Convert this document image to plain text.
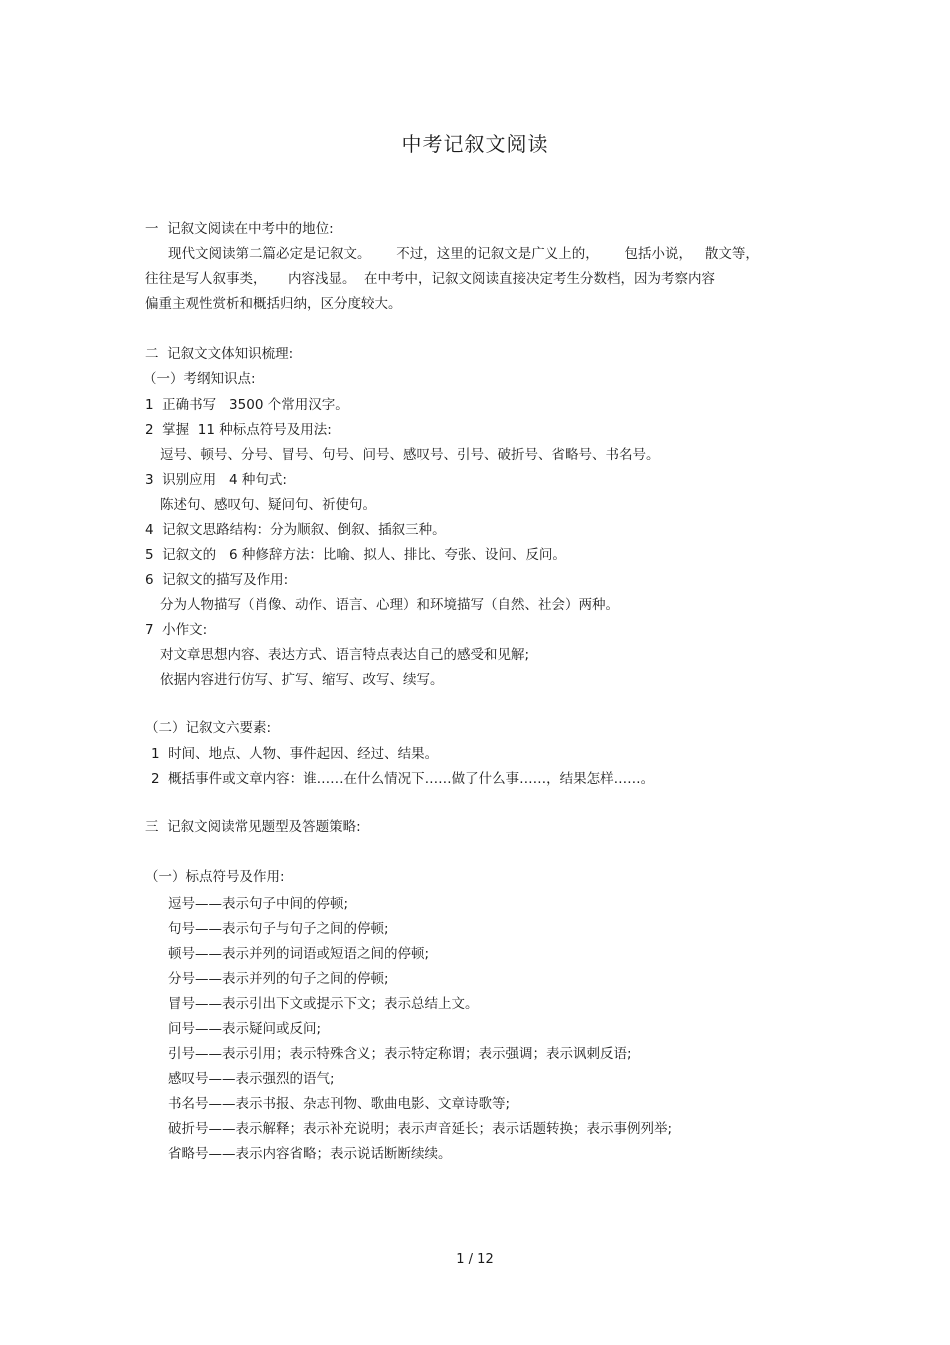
中考记叙文阅读
一  记叙文阅读在中考中的地位:
现代文阅读第二篇必定是记叙文。      不过，这里的记叙文是广义上的，      包括小说，   散文等，
往往是写人叙事类，     内容浅显。  在中考中，记叙文阅读直接决定考生分数档，因为考察内容
偏重主观性赏析和概括归纳，区分度较大。
二  记叙文文体知识梳理:
（一）考纲知识点:
1  正确书写   3500 个常用汉字。
2  掌握  11 种标点符号及用法:
逗号、顿号、分号、冒号、句号、问号、感叹号、引号、破折号、省略号、书名号。
3  识别应用   4 种句式:
陈述句、感叹句、疑问句、祈使句。
4  记叙文思路结构：分为顺叙、倒叙、插叙三种。
5  记叙文的   6 种修辞方法：比喻、拟人、排比、夸张、设问、反问。
6  记叙文的描写及作用:
分为人物描写（肖像、动作、语言、心理）和环境描写（自然、社会）两种。
7  小作文:
对文章思想内容、表达方式、语言特点表达自己的感受和见解;
依据内容进行仿写、扩写、缩写、改写、续写。
（二）记叙文六要素:
1  时间、地点、人物、事件起因、经过、结果。
2  概括事件或文章内容：谁……在什么情况下……做了什么事……，结果怎样……。
三  记叙文阅读常见题型及答题策略:
（一）标点符号及作用:
逗号——表示句子中间的停顿;
句号——表示句子与句子之间的停顿;
顿号——表示并列的词语或短语之间的停顿;
分号——表示并列的句子之间的停顿;
冒号——表示引出下文或提示下文；表示总结上文。
问号——表示疑问或反问;
引号——表示引用；表示特殊含义；表示特定称谓；表示强调；表示讽刺反语;
感叹号——表示强烈的语气;
书名号——表示书报、杂志刊物、歌曲电影、文章诗歌等;
破折号——表示解释；表示补充说明；表示声音延长；表示话题转换；表示事例列举;
省略号——表示内容省略；表示说话断断续续。
1 / 12
